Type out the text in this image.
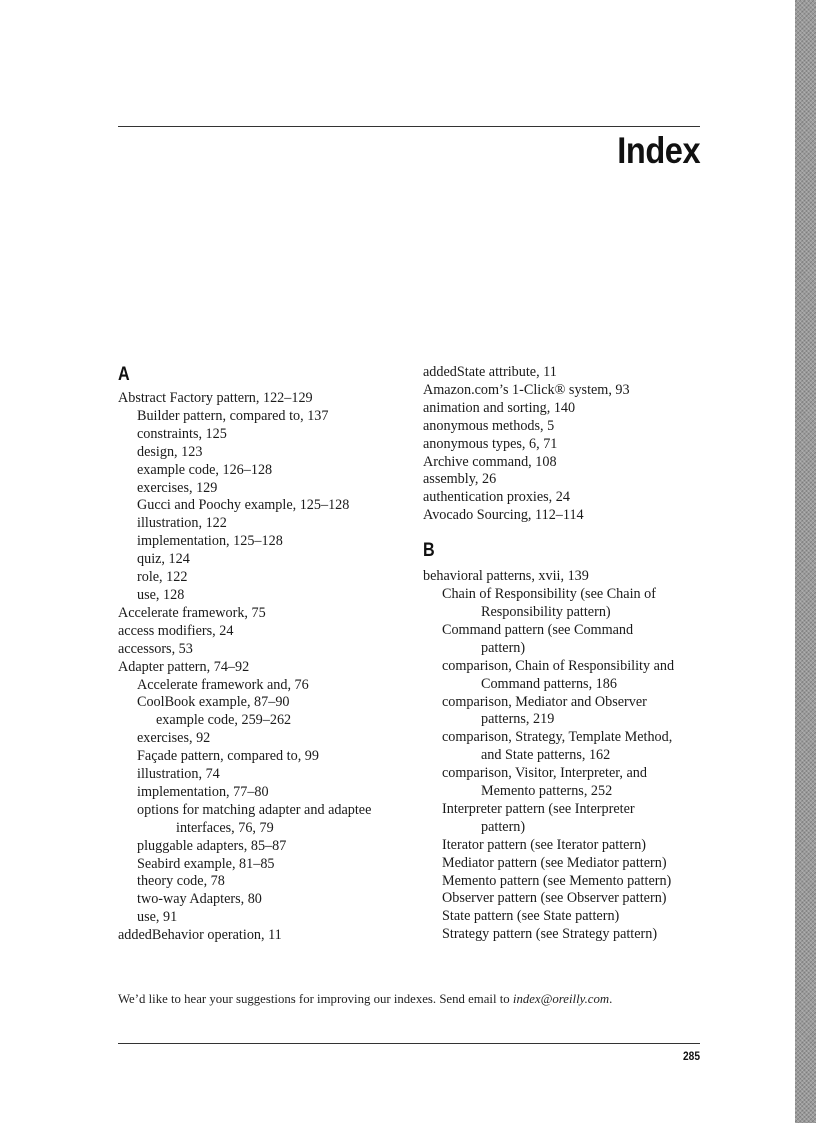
Index
A
Abstract Factory pattern, 122–129
Builder pattern, compared to, 137
constraints, 125
design, 123
example code, 126–128
exercises, 129
Gucci and Poochy example, 125–128
illustration, 122
implementation, 125–128
quiz, 124
role, 122
use, 128
Accelerate framework, 75
access modifiers, 24
accessors, 53
Adapter pattern, 74–92
Accelerate framework and, 76
CoolBook example, 87–90
example code, 259–262
exercises, 92
Façade pattern, compared to, 99
illustration, 74
implementation, 77–80
options for matching adapter and adaptee
interfaces, 76, 79
pluggable adapters, 85–87
Seabird example, 81–85
theory code, 78
two-way Adapters, 80
use, 91
addedBehavior operation, 11
addedState attribute, 11
Amazon.com’s 1-Click® system, 93
animation and sorting, 140
anonymous methods, 5
anonymous types, 6, 71
Archive command, 108
assembly, 26
authentication proxies, 24
Avocado Sourcing, 112–114
B
behavioral patterns, xvii, 139
Chain of Responsibility (see Chain of
Responsibility pattern)
Command pattern (see Command
pattern)
comparison, Chain of Responsibility and
Command patterns, 186
comparison, Mediator and Observer
patterns, 219
comparison, Strategy, Template Method,
and State patterns, 162
comparison, Visitor, Interpreter, and
Memento patterns, 252
Interpreter pattern (see Interpreter
pattern)
Iterator pattern (see Iterator pattern)
Mediator pattern (see Mediator pattern)
Memento pattern (see Memento pattern)
Observer pattern (see Observer pattern)
State pattern (see State pattern)
Strategy pattern (see Strategy pattern)
We’d like to hear your suggestions for improving our indexes. Send email to index@oreilly.com.
285
